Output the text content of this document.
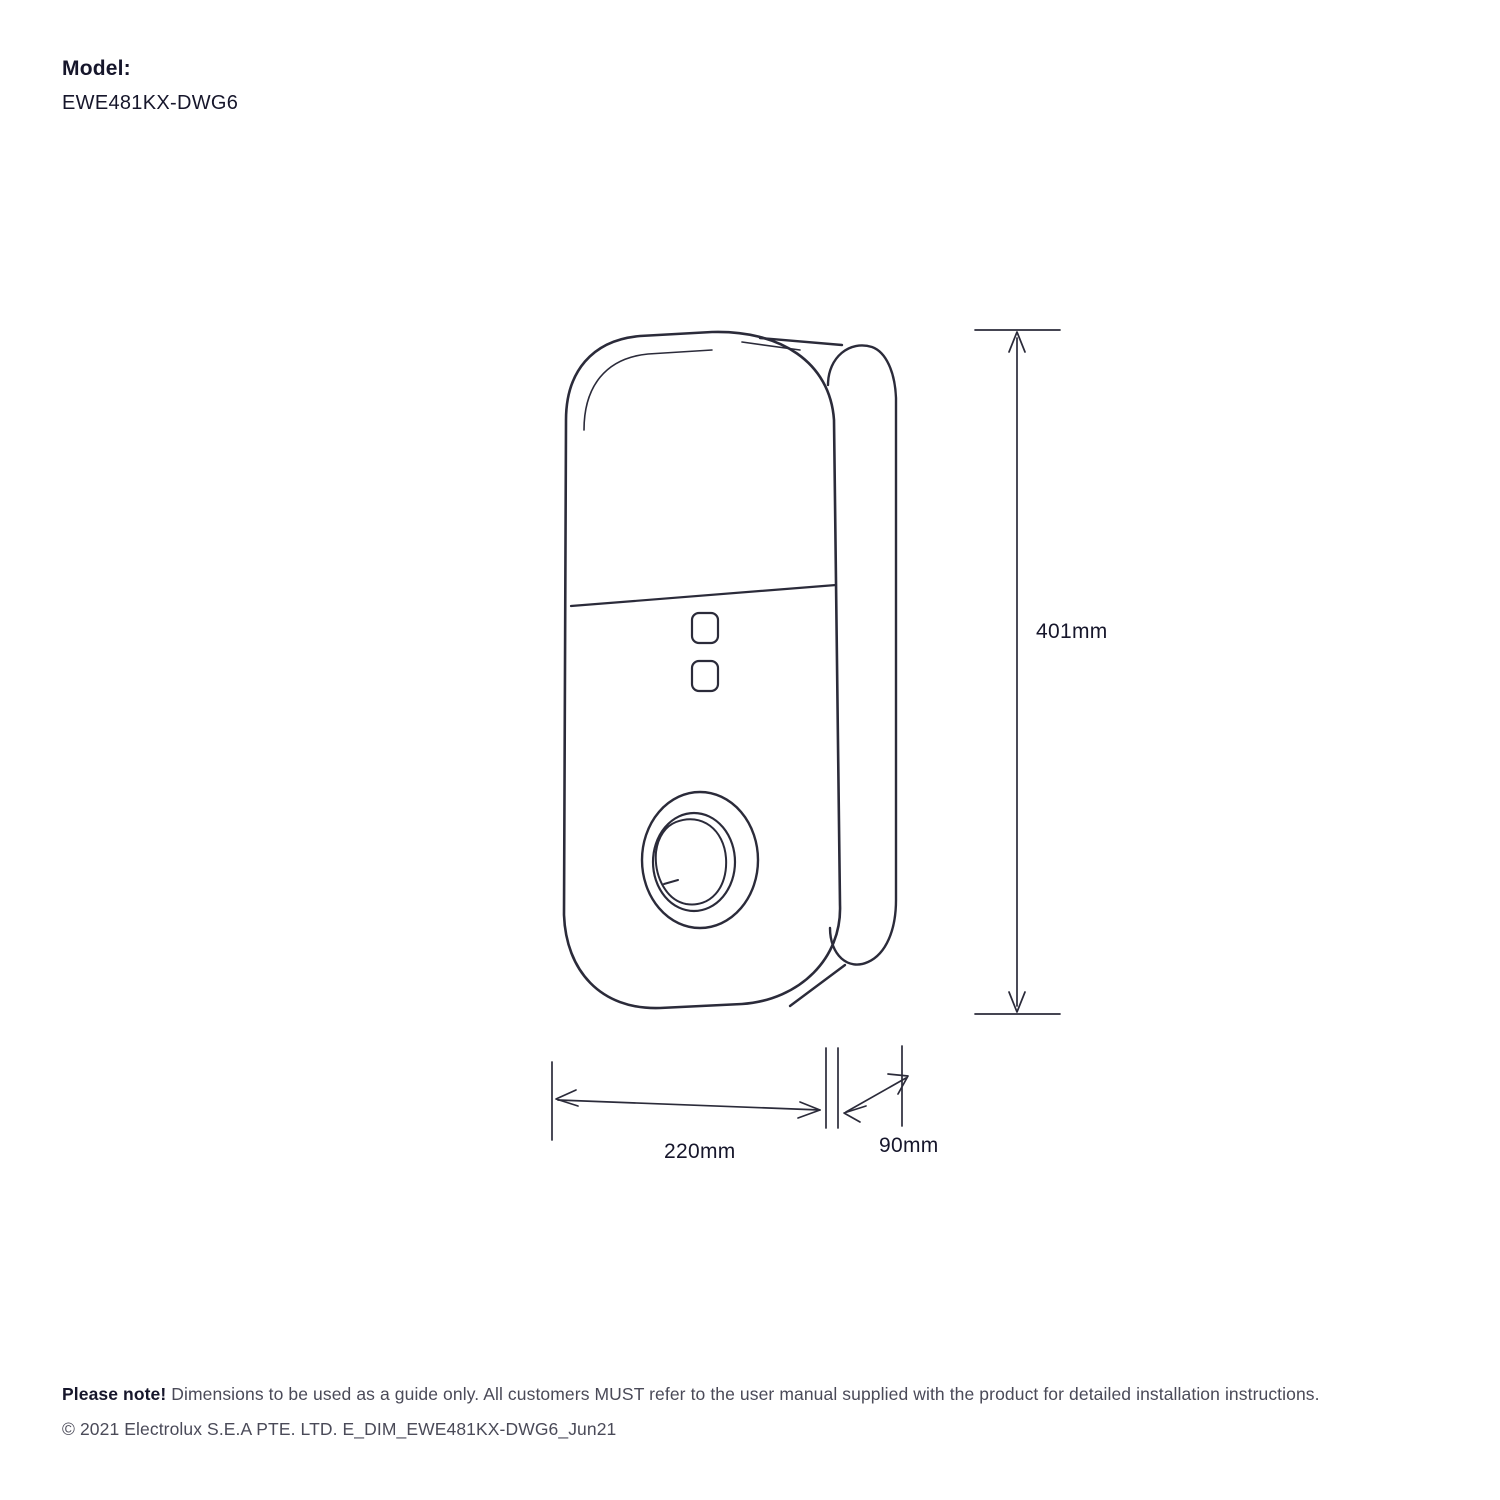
Model:

EWE481KX-DWG6

401mm
220mm	90mm

Please note! Dimensions to be used as a guide only. All customers MUST refer to the user manual supplied with the product for detailed installation instructions.

© 2021 Electrolux S.E.A PTE. LTD. E_DIM_EWE481KX-DWG6_Jun21
